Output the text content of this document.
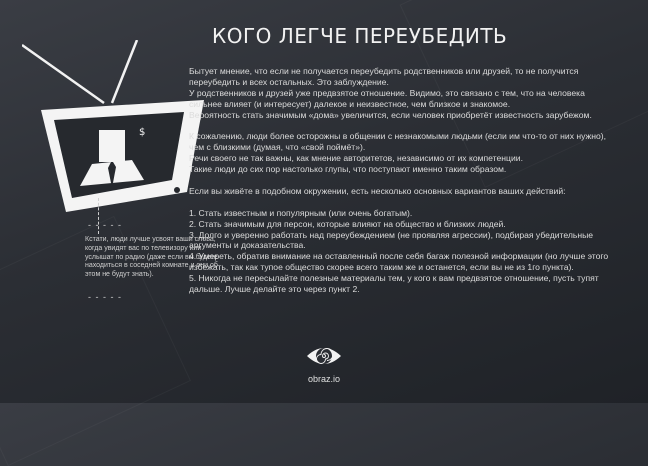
$
- - - - -
Кстати, люди лучше усвоят ваши слова, когда увидят вас по телевизору или услышат по радио (даже если вы будете находиться в соседней комнате и они об этом не будут знать).
- - - - -
КОГО ЛЕГЧЕ ПЕРЕУБЕДИТЬ

Бытует мнение, что если не получается переубедить родственников или друзей, то не получится переубедить и всех остальных. Это заблуждение.

У родственников и друзей уже предвзятое отношение. Видимо, это связано с тем, что на человека сильнее влияет (и интересует) далекое и неизвестное, чем близкое и знакомое.

Вероятность стать значимым «дома» увеличится, если человек приобретёт известность зарубежом.

К сожалению, люди более осторожны в общении с незнакомыми людьми (если им что-то от них нужно), чем с близкими (думая, что «свой поймёт»).

Речи своего не так важны, как мнение авторитетов, независимо от их компетенции.

Такие люди до сих пор настолько глупы, что поступают именно таким образом.

Если вы живёте в подобном окружении, есть несколько основных вариантов ваших действий:

1. Стать известным и популярным (или очень богатым).

2. Стать значимым для персон, которые влияют на общество и близких людей.

3. Долго и уверенно работать над переубеждением (не проявляя агрессии), подбирая убедительные аргументы и доказательства.

4. Умереть, обратив внимание на оставленный после себя багаж полезной информации (но лучше этого избежать, так как тупое общество скорее всего таким же и останется, если вы не из 1го пункта).

5. Никогда не пересылайте полезные материалы тем, у кого к вам предвзятое отношение, пусть тупят дальше. Лучше делайте это через пункт 2.

obraz.io
